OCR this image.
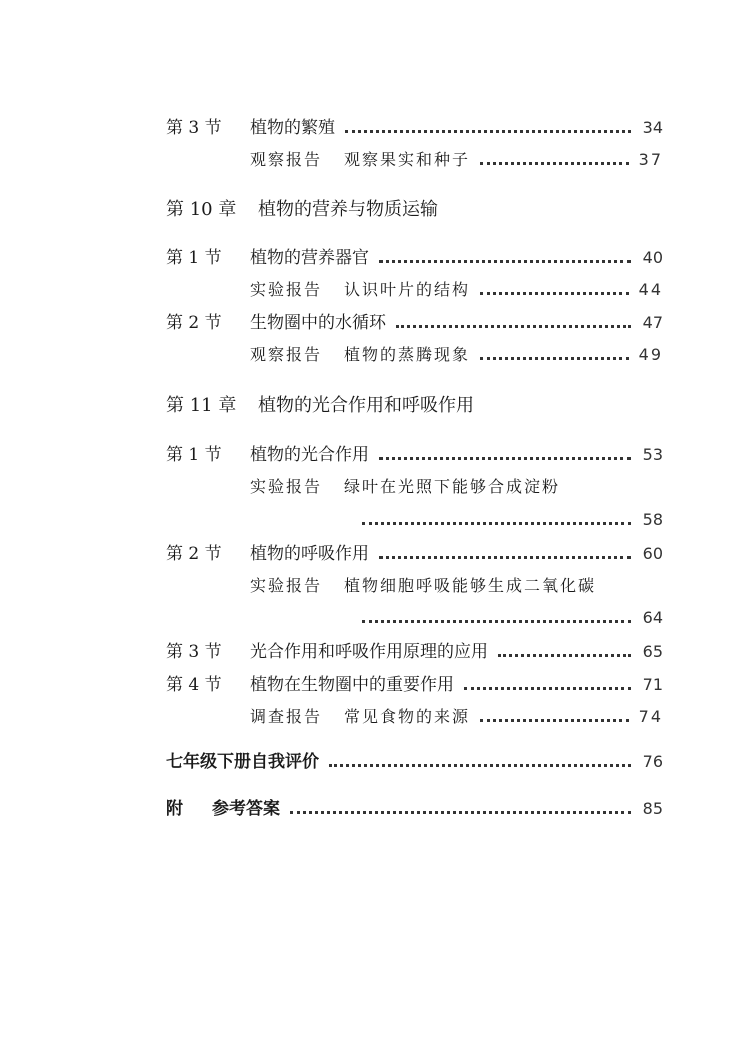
第 3 节	植物的繁殖	34
观察报告 观察果实和种子	37
第 10 章	植物的营养与物质运输
第 1 节	植物的营养器官	40
实验报告 认识叶片的结构	44
第 2 节	生物圈中的水循环	47
观察报告 植物的蒸腾现象	49
第 11 章	植物的光合作用和呼吸作用
第 1 节	植物的光合作用	53
实验报告 绿叶在光照下能够合成淀粉
58
第 2 节	植物的呼吸作用	60
实验报告 植物细胞呼吸能够生成二氧化碳
64
第 3 节	光合作用和呼吸作用原理的应用	65
第 4 节	植物在生物圈中的重要作用	71
调查报告 常见食物的来源	74
七年级下册自我评价	76
附	参考答案	85
